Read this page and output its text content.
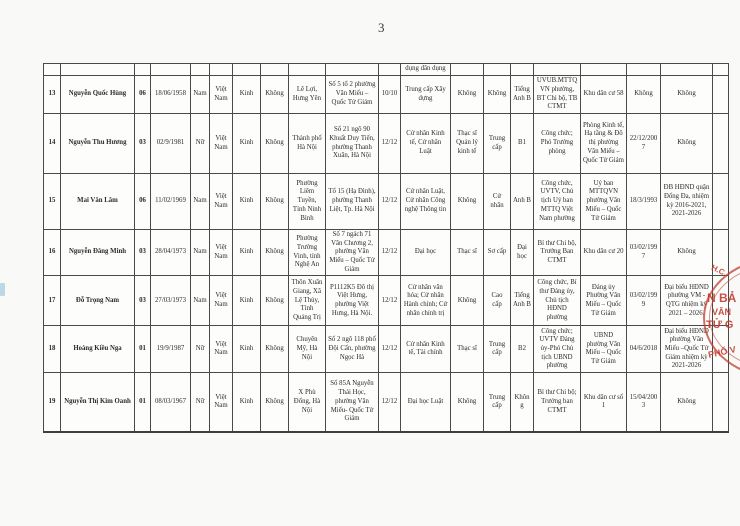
3
											dụng dân dụng								
13	Nguyễn Quốc Hùng	06	18/06/1958	Nam	Việt Nam	Kinh	Không	Lê Lợi, Hưng Yên	Số 5 tổ 2 phường Văn Miếu – Quốc Tử Giám	10/10	Trung cấp Xây dựng	Không	Không	Tiếng Anh B	UVUB.MTTQ VN phường, BT Chi bộ, TB CTMT	Khu dân cư 58	Không	Không	
14	Nguyễn Thu Hương	03	02/9/1981	Nữ	Việt Nam	Kinh	Không	Thành phố Hà Nội	Số 21 ngõ 90 Khuất Duy Tiến, phường Thanh Xuân, Hà Nội	12/12	Cử nhân Kinh tế, Cử nhân Luật	Thạc sĩ Quản lý kinh tế	Trung cấp	B1	Công chức; Phó Trưởng phòng	Phòng Kinh tế, Hạ tầng & Đô thị phường Văn Miếu – Quốc Tử Giám	22/12/2007	Không	
15	Mai Văn Lâm	06	11/02/1969	Nam	Việt Nam	Kinh	Không	Phường Liêm Tuyền, Tỉnh Ninh Bình	Tổ 15 (Hạ Đình), phường Thanh Liệt, Tp. Hà Nội	12/12	Cử nhân Luật, Cử nhân Công nghệ Thông tin	Không	Cử nhân	Anh B	Công chức, UVTV, Chủ tịch Uỷ ban MTTQ Việt Nam phường	Uỷ ban MTTQVN phường Văn Miếu – Quốc Tử Giám	18/3/1993	ĐB HĐND quận Đống Đa, nhiệm kỳ 2016-2021, 2021-2026	
16	Nguyễn Đăng Minh	03	28/04/1973	Nam	Việt Nam	Kinh	Không	Phường Trường Vinh, tỉnh Nghệ An	Số 7 ngách 71 Văn Chương 2, phường Văn Miếu – Quốc Tử Giám	12/12	Đại học	Thạc sĩ	Sơ cấp	Đại học	Bí thư Chi bộ, Trưởng Ban CTMT	Khu dân cư 20	03/02/1997	Không	
17	Đỗ Trọng Nam	03	27/03/1973	Nam	Việt Nam	Kinh	Không	Thôn Xuân Giang, Xã Lệ Thủy, Tỉnh Quảng Trị	P1112K5 Đô thị Việt Hưng, phường Việt Hưng, Hà Nội.	12/12	Cử nhân văn hóa; Cử nhân Hành chính; Cử nhân chính trị	Không	Cao cấp	Tiếng Anh B	Công chức, Bí thư Đảng ủy, Chủ tịch HĐND phường	Đảng ủy Phường Văn Miếu – Quốc Tử Giám	03/02/1999	Đại biểu HĐND phường VM - QTG nhiệm kỳ 2021 – 2026.	
18	Hoàng Kiều Nga	01	19/9/1987	Nữ	Việt Nam	Kinh	Không	Chuyên Mỹ, Hà Nội	Số 2 ngõ 118 phố Đội Cấn, phường Ngọc Hà	12/12	Cử nhân Kinh tế, Tài chính	Thạc sĩ	Trung cấp	B2	Công chức; UVTV Đảng ủy-Phó Chủ tịch UBND phường	UBND phường Văn Miếu – Quốc Tử Giám	04/6/2018	Đại biểu HĐND phường Văn Miếu –Quốc Tử Giám nhiệm kỳ 2021-2026	
19	Nguyễn Thị Kim Oanh	01	08/03/1967	Nữ	Việt Nam	Kinh	Không	X Phù Đổng, Hà Nội	Số 85A Nguyễn Thái Học, phường Văn Miếu- Quốc Tử Giám	12/12	Đại học Luật	Không	Trung cấp	Không	Bí thư Chi bộ; Trưởng ban CTMT	Khu dân cư số 1	15/04/2003	Không	
H.C.
N BẢ
VĂN
TỬ G
PHỐ V
